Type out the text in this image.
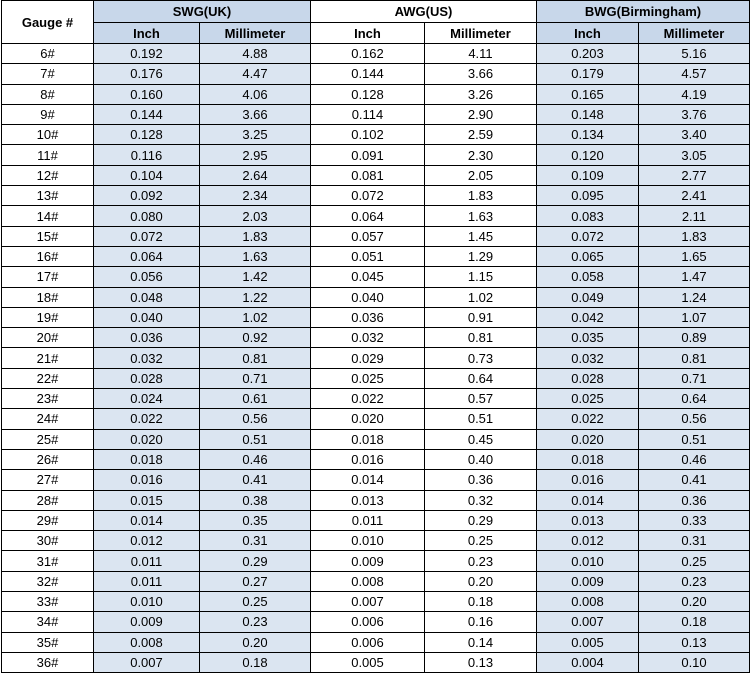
Gauge #	SWG(UK)		AWG(US)		BWG(Birmingham)	
	Inch	Millimeter	Inch	Millimeter	Inch	Millimeter
6#	0.192	4.88	0.162	4.11	0.203	5.16
7#	0.176	4.47	0.144	3.66	0.179	4.57
8#	0.160	4.06	0.128	3.26	0.165	4.19
9#	0.144	3.66	0.114	2.90	0.148	3.76
10#	0.128	3.25	0.102	2.59	0.134	3.40
11#	0.116	2.95	0.091	2.30	0.120	3.05
12#	0.104	2.64	0.081	2.05	0.109	2.77
13#	0.092	2.34	0.072	1.83	0.095	2.41
14#	0.080	2.03	0.064	1.63	0.083	2.11
15#	0.072	1.83	0.057	1.45	0.072	1.83
16#	0.064	1.63	0.051	1.29	0.065	1.65
17#	0.056	1.42	0.045	1.15	0.058	1.47
18#	0.048	1.22	0.040	1.02	0.049	1.24
19#	0.040	1.02	0.036	0.91	0.042	1.07
20#	0.036	0.92	0.032	0.81	0.035	0.89
21#	0.032	0.81	0.029	0.73	0.032	0.81
22#	0.028	0.71	0.025	0.64	0.028	0.71
23#	0.024	0.61	0.022	0.57	0.025	0.64
24#	0.022	0.56	0.020	0.51	0.022	0.56
25#	0.020	0.51	0.018	0.45	0.020	0.51
26#	0.018	0.46	0.016	0.40	0.018	0.46
27#	0.016	0.41	0.014	0.36	0.016	0.41
28#	0.015	0.38	0.013	0.32	0.014	0.36
29#	0.014	0.35	0.011	0.29	0.013	0.33
30#	0.012	0.31	0.010	0.25	0.012	0.31
31#	0.011	0.29	0.009	0.23	0.010	0.25
32#	0.011	0.27	0.008	0.20	0.009	0.23
33#	0.010	0.25	0.007	0.18	0.008	0.20
34#	0.009	0.23	0.006	0.16	0.007	0.18
35#	0.008	0.20	0.006	0.14	0.005	0.13
36#	0.007	0.18	0.005	0.13	0.004	0.10
